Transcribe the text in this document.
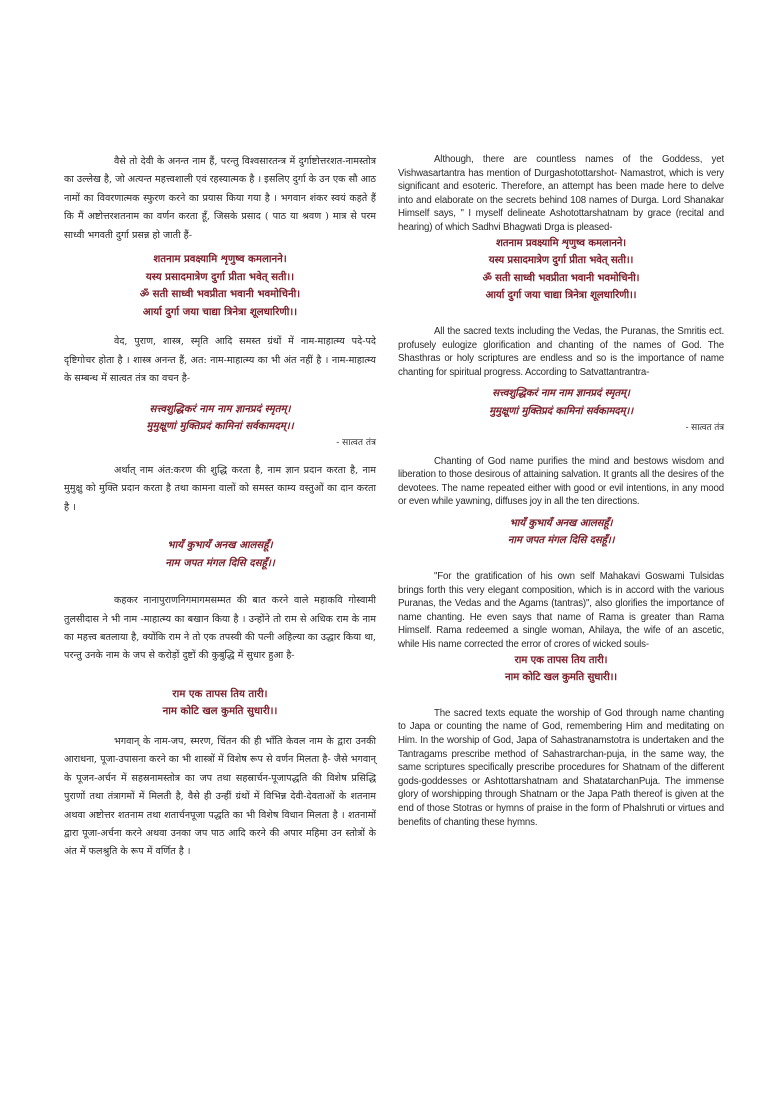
वैसे तो देवी के अनन्त नाम हैं, परन्तु विश्वसारतन्त्र में दुर्गाष्टोत्तरशत-नामस्तोत्र का उल्लेख है, जो अत्यन्त महत्त्वशाली एवं रहस्यात्मक है । इसलिए दुर्गा के उन एक सौ आठ नामों का विवरणात्मक स्फुरण करने का प्रयास किया गया है । भगवान शंकर स्वयं कहते हैं कि मैं अष्टोत्तरशतनाम का वर्णन करता हूँ, जिसके प्रसाद ( पाठ या श्रवण ) मात्र से परम साध्वी भगवती दुर्गा प्रसन्न हो जाती हैं-

शतनाम प्रवक्ष्यामि शृणुष्व कमलानने।
यस्य प्रसादमात्रेण दुर्गा प्रीता भवेत् सती।।
ॐ सती साध्वी भवप्रीता भवानी भवमोचिनी।
आर्या दुर्गा जया चाद्या त्रिनेत्रा शूलधारिणी।।

वेद, पुराण, शास्त्र, स्मृति आदि समस्त ग्रंथों में नाम-माहात्म्य पदे-पदे दृष्टिगोचर होता है । शास्त्र अनन्त हैं, अत: नाम-माहात्म्य का भी अंत नहीं है । नाम-माहात्म्य के सम्बन्ध में सात्वत तंत्र का वचन है-

सत्त्वशुद्धिकरं नाम नाम ज्ञानप्रदं स्मृतम्।
मुमुक्षूणां मुक्तिप्रदं कामिनां सर्वकामदम्।।
- सात्वत तंत्र

अर्थात् नाम अंत:करण की शुद्धि करता है, नाम ज्ञान प्रदान करता है, नाम मुमुक्षु को मुक्ति प्रदान करता है तथा कामना वालों को समस्त काम्य वस्तुओं का दान करता है ।

भायँ कुभायँ अनख आलसहूँ।
नाम जपत मंगल दिसि दसहूँ।।

कहकर नानापुराणनिगमागमसम्मत की बात करने वाले महाकवि गोस्वामी तुलसीदास ने भी नाम -माहात्म्य का बखान किया है । उन्होंने तो राम से अधिक राम के नाम का महत्त्व बतलाया है, क्योंकि राम ने तो एक तपस्वी की पत्नी अहिल्या का उद्धार किया था, परन्तु उनके नाम के जप से करोड़ों दुष्टों की कुबुद्धि में सुधार हुआ है-

राम एक तापस तिय तारी।
नाम कोटि खल कुमति सुधारी।।

भगवान् के नाम-जप, स्मरण, चिंतन की ही भाँति केवल नाम के द्वारा उनकी आराधना, पूजा-उपासना करने का भी शास्त्रों में विशेष रूप से वर्णन मिलता है- जैसे भगवान् के पूजन-अर्चन में सहस्रनामस्तोत्र का जप तथा सहस्रार्चन-पूजापद्धति की विशेष प्रसिद्धि पुराणों तथा तंत्रागमों में मिलती है, वैसे ही उन्हीं ग्रंथों में विभिन्न देवी-देवताओं के शतनाम अथवा अष्टोत्तर शतनाम तथा शतार्चनपूजा पद्धति का भी विशेष विधान मिलता है । शतनामों द्वारा पूजा-अर्चना करने अथवा उनका जप पाठ आदि करने की अपार महिमा उन स्तोत्रों के अंत में फलश्रुति के रूप में वर्णित है ।

Although, there are countless names of the Goddess, yet Vishwasartantra has mention of Durgashotottarshot- Namastrot, which is very significant and esoteric. Therefore, an attempt has been made here to delve into and elaborate on the secrets behind 108 names of Durga. Lord Shanakar Himself says, " I myself delineate Ashotottarshatnam by grace (recital and hearing) of which Sadhvi Bhagwati Drga is pleased-

शतनाम प्रवक्ष्यामि शृणुष्व कमलानने।
यस्य प्रसादमात्रेण दुर्गा प्रीता भवेत् सती।।
ॐ सती साध्वी भवप्रीता भवानी भवमोचिनी।
आर्या दुर्गा जया चाद्या त्रिनेत्रा शूलधारिणी।।

All the sacred texts including the Vedas, the Puranas, the Smritis ect. profusely eulogize glorification and chanting of the names of God. The Shasthras or holy scriptures are endless and so is the importance of name chanting for spiritual progress. According to Satvattantrantra-

सत्त्वशुद्धिकरं नाम नाम ज्ञानप्रदं स्मृतम्।
मुमुक्षूणां मुक्तिप्रदं कामिनां सर्वकामदम्।।
- सात्वत तंत्र

Chanting of God name purifies the mind and bestows wisdom and liberation to those desirous of attaining salvation. It grants all the desires of the devotees. The name repeated either with good or evil intentions, in any mood or even while yawning, diffuses joy in all the ten directions.

भायँ कुभायँ अनख आलसहूँ।
नाम जपत मंगल दिसि दसहूँ।।

"For the gratification of his own self Mahakavi Goswami Tulsidas brings forth this very elegant composition, which is in accord with the various Puranas, the Vedas and the Agams (tantras)", also glorifies the importance of name chanting. He even says that name of Rama is greater than Rama Himself. Rama redeemed a single woman, Ahilaya, the wife of an ascetic, while His name corrected the error of crores of wicked souls-

राम एक तापस तिय तारी।
नाम कोटि खल कुमति सुधारी।।

The sacred texts equate the worship of God through name chanting to Japa or counting the name of God, remembering Him and meditating on Him. In the worship of God, Japa of Sahastranamstotra is undertaken and the Tantragams prescribe method of Sahastrarchan-puja, in the same way, the same scriptures specifically prescribe procedures for Shatnam of the different gods-goddesses or Ashtottarshatnam and ShatatarchanPuja. The immense glory of worshipping through Shatnam or the Japa Path thereof is given at the end of those Stotras or hymns of praise in the form of Phalshruti or virtues and benefits of chanting these hymns.
